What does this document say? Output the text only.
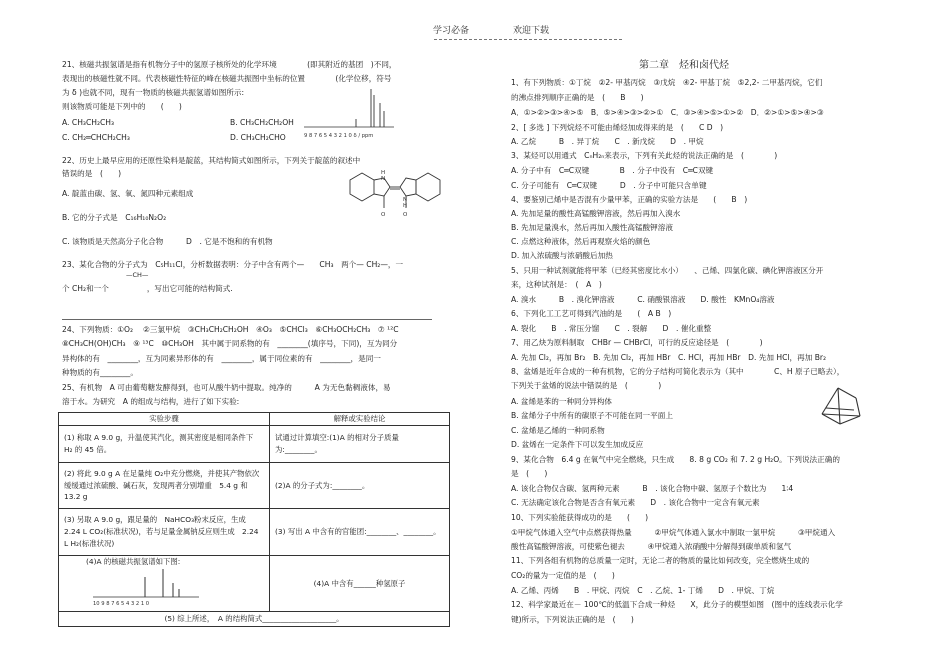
学习必备	欢迎下载
21、核磁共振氢谱是指有机物分子中的氢原子核所处的化学环境　　　　(即其附近的基团　)不同，
表现出的核磁性就不同。代表核磁性特征的峰在核磁共振图中坐标的位置　　　　(化学位移，符号
为 δ )也就不同，现有一物质的核磁共振氢谱如图所示:
则该物质可能是下列中的　　(　　)
A. CH₃CH₂CH₃	B. CH₃CH₂CH₂OH
C. CH₂═CHCH₂CH₃	D. CH₃CH₂CHO	9 8 7 6 5 4 3 2 1 0 δ / ppm
22、历史上最早应用的还原性染料是靛蓝，其结构简式如图所示，下列关于靛蓝的叙述中
错误的是　(　　)
A. 靛蓝由碳、氢、氧、氮四种元素组成
B. 它的分子式是　C₁₆H₁₀N₂O₂
C. 该物质是天然高分子化合物　　　D　. 它是不饱和的有机物
H
N
N
H
O	O
23、某化合物的分子式为　C₅H₁₁Cl，分析数据表明：分子中含有两个—　　CH₃　两个— CH₂—，一
—CH—
个 CH₂和一个　　　　　，写出它可能的结构简式.
24、下列物质：①O₂ 　②三氯甲烷　③CH₃CH₂CH₂OH　④O₃　⑤CHCl₃　⑥CH₃OCH₂CH₃　⑦ ¹²C
⑧CH₃CH(OH)CH₃　⑨ ¹³C　⑩CH₃OH　其中属于同系物的有　________(填序号，下同)，互为同分
异构体的有　________，互为同素异形体的有　________，属于同位素的有　________，是同一
种物质的有________。
25、有机物　A 可由葡萄糖发酵得到，也可从酸牛奶中提取。纯净的　　　A 为无色黏稠液体，易
溶于水。为研究　A 的组成与结构，进行了如下实验:
实验步骤	解释或实验结论
(1) 称取 A 9.0 g，升温使其汽化，测其密度是相同条件下 H₂ 的 45 倍。	试通过计算填空:(1)A 的相对分子质量为:________。
(2) 将此 9.0 g A 在足量纯 O₂中充分燃烧，并使其产物依次缓缓通过浓硫酸、碱石灰，发现两者分别增重　5.4 g 和 13.2 g	(2)A 的分子式为:________。
(3) 另取 A 9.0 g，跟足量的　NaHCO₃粉末反应，生成 2.24 L CO₂(标准状况)，若与足量金属钠反应则生成　2.24 L H₂(标准状况)	(3) 写出 A 中含有的官能团:________、________。

(4)A 的核磁共振氢谱如下图:
10 9 8 7 6 5 4 3 2 1 0	(4)A 中含有______种氢原子
(5) 综上所述，　A 的结构简式____________________。	
第二章　烃和卤代烃
1、有下列物质：①丁烷　②2- 甲基丙烷　③戊烷　④2- 甲基丁烷　⑤2,2- 二甲基丙烷，它们
的沸点排列顺序正确的是　(　　B　　)
A．①>②>③>④>⑤　B．⑤>④>③>②>①　C．③>④>⑤>①>②　D．②>①>⑤>④>③
2、[ 多选 ] 下列烷烃不可能由烯烃加成得来的是　(　　C D　)
A. 乙烷　　　B　. 异丁烷　　C　. 新戊烷　　D　. 甲烷
3、某烃可以用通式　CₙH₂ₙ来表示，下列有关此烃的说法正确的是　(　　　　)
A. 分子中有　C═C双键　　　　B　. 分子中没有　C═C双键
C. 分子可能有　C═C双键　　　D　. 分子中可能只含单键
4、要鉴别己烯中是否混有少量甲苯，正确的实验方法是　　(　　B　)
A. 先加足量的酸性高锰酸钾溶液，然后再加入溴水
B. 先加足量溴水，然后再加入酸性高锰酸钾溶液
C. 点燃这种液体，然后再观察火焰的颜色
D. 加入浓硫酸与浓硝酸后加热
5、只用一种试剂就能将甲苯（已经其密度比水小）　　、己烯、四氯化碳、碘化钾溶液区分开
来，这种试剂是：　(　A　)
A. 溴水　　　B　. 溴化钾溶液　　　C. 硝酸银溶液　　D. 酸性　KMnO₄溶液
6、下列化工工艺可得到汽油的是　　(　A B　)
A. 裂化　　B　. 常压分馏　　C　. 裂解　　D　. 催化重整
7、用乙炔为原料制取　CHBr — CHBrCl，可行的反应途径是　(　　　　)
A. 先加 Cl₂，再加 Br₂　B. 先加 Cl₂，再加 HBr　C. HCl，再加 HBr　D. 先加 HCl，再加 Br₂
8、盆烯是近年合成的一种有机物，它的分子结构可简化表示为（其中　　　　C、H 原子已略去），
下列关于盆烯的说法中错误的是　(　　　　)
A. 盆烯是苯的一种同分异构体
B. 盆烯分子中所有的碳原子不可能在同一平面上
C. 盆烯是乙烯的一种同系物
D. 盆烯在一定条件下可以发生加成反应
9、某化合物　6.4 g 在氧气中完全燃烧，只生成　　8. 8 g CO₂ 和 7. 2 g H₂O。下列说法正确的
是　(　　)
A. 该化合物仅含碳、氢两种元素　　　B　. 该化合物中碳、氢原子个数比为　　1∶4
C. 无法确定该化合物是否含有氧元素　　D　. 该化合物中一定含有氧元素
10、下列实验能获得成功的是　　(　　)
①甲烷气体通入空气中点燃获得热量　　　②甲烷气体通入氯水中制取一氯甲烷　　　③甲烷通入
酸性高锰酸钾溶液，可使紫色褪去　　　④甲烷通入浓硝酸中分解得到碳单质和氢气
11、下列各组有机物的总质量一定时，无论二者的物质的量比如何改变，完全燃烧生成的
CO₂的量为一定值的是　(　　)
A. 乙烯、丙烯　　B　. 甲烷、丙烷　C　. 乙烷、1- 丁烯　　D　. 甲烷、丁烷
12、科学家最近在－ 100℃的低温下合成一种烃　　X，此分子的模型如图　(图中的连线表示化学
键)所示，下列说法正确的是　(　　)
